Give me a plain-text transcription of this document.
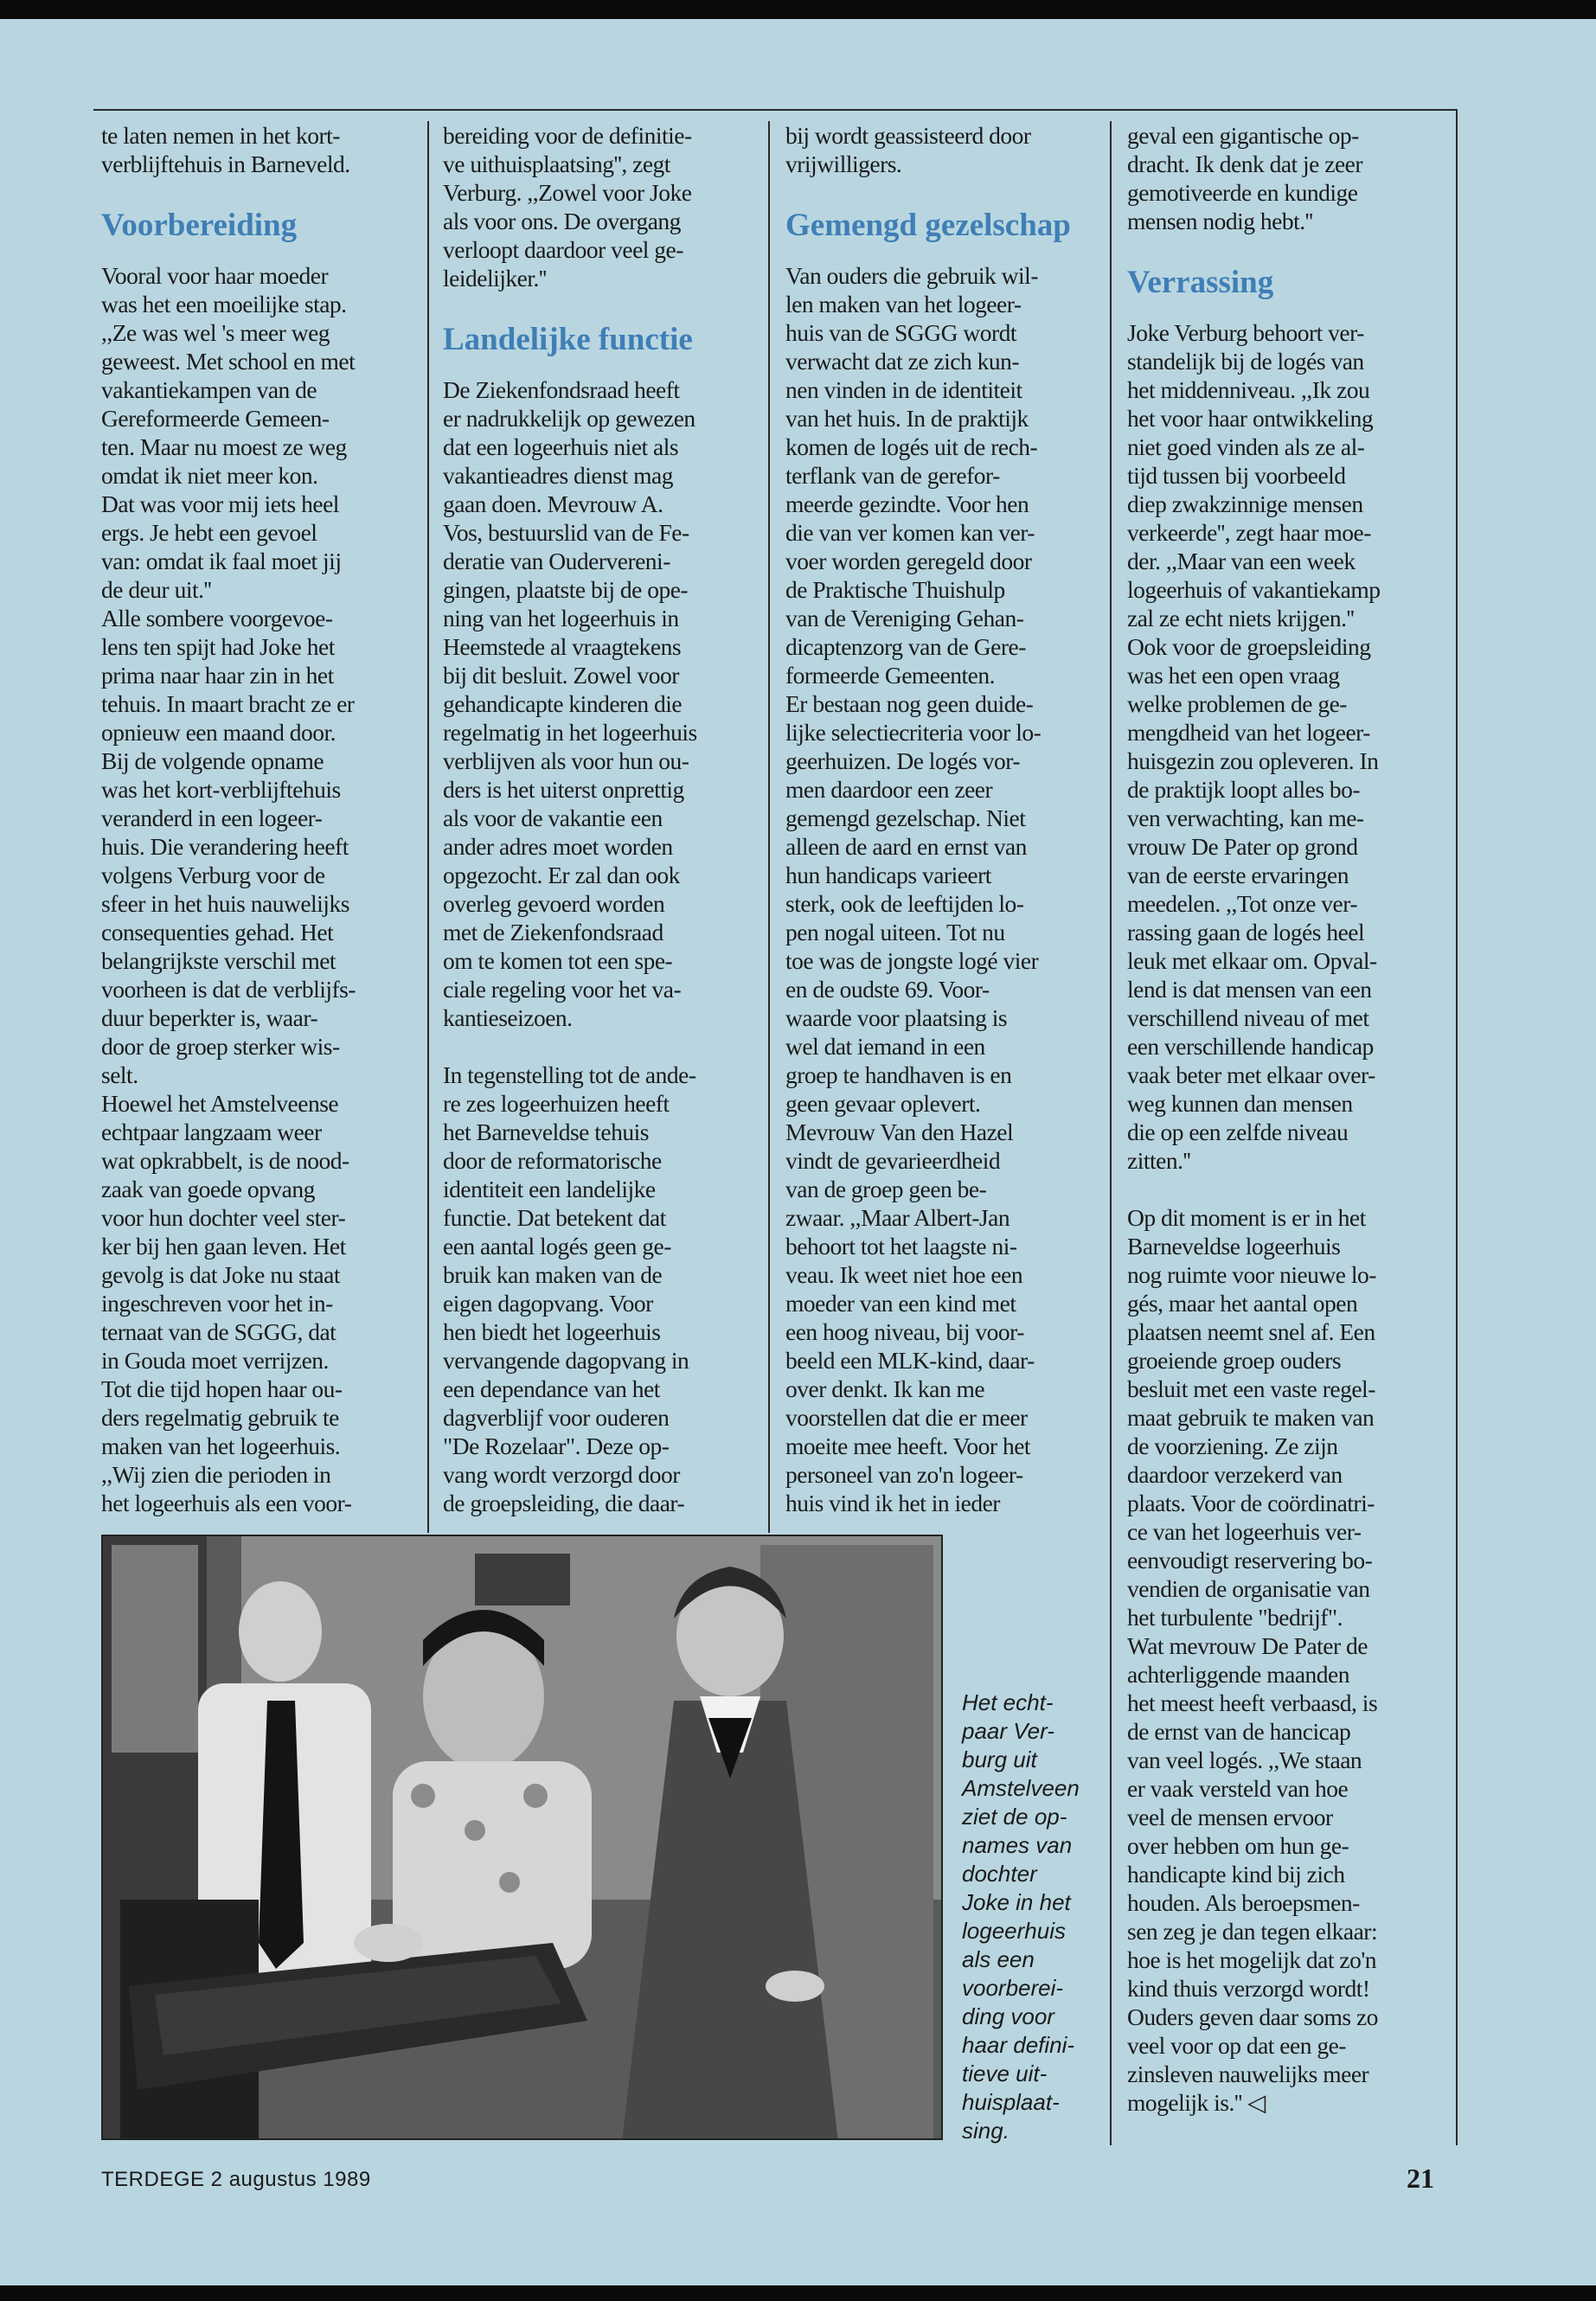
te laten nemen in het kort-
verblijftehuis in Barneveld.

Voorbereiding

Vooral voor haar moeder
was het een moeilijke stap.
,,Ze was wel 's meer weg
geweest. Met school en met
vakantiekampen van de
Gereformeerde Gemeen-
ten. Maar nu moest ze weg
omdat ik niet meer kon.
Dat was voor mij iets heel
ergs. Je hebt een gevoel
van: omdat ik faal moet jij
de deur uit.''
Alle sombere voorgevoe-
lens ten spijt had Joke het
prima naar haar zin in het
tehuis. In maart bracht ze er
opnieuw een maand door.
Bij de volgende opname
was het kort-verblijftehuis
veranderd in een logeer-
huis. Die verandering heeft
volgens Verburg voor de
sfeer in het huis nauwelijks
consequenties gehad. Het
belangrijkste verschil met
voorheen is dat de verblijfs-
duur beperkter is, waar-
door de groep sterker wis-
selt.
Hoewel het Amstelveense
echtpaar langzaam weer
wat opkrabbelt, is de nood-
zaak van goede opvang
voor hun dochter veel ster-
ker bij hen gaan leven. Het
gevolg is dat Joke nu staat
ingeschreven voor het in-
ternaat van de SGGG, dat
in Gouda moet verrijzen.
Tot die tijd hopen haar ou-
ders regelmatig gebruik te
maken van het logeerhuis.
,,Wij zien die perioden in
het logeerhuis als een voor-

bereiding voor de definitie-
ve uithuisplaatsing'', zegt
Verburg. ,,Zowel voor Joke
als voor ons. De overgang
verloopt daardoor veel ge-
leidelijker.''

Landelijke functie

De Ziekenfondsraad heeft
er nadrukkelijk op gewezen
dat een logeerhuis niet als
vakantieadres dienst mag
gaan doen. Mevrouw A.
Vos, bestuurslid van de Fe-
deratie van Oudervereni-
gingen, plaatste bij de ope-
ning van het logeerhuis in
Heemstede al vraagtekens
bij dit besluit. Zowel voor
gehandicapte kinderen die
regelmatig in het logeerhuis
verblijven als voor hun ou-
ders is het uiterst onprettig
als voor de vakantie een
ander adres moet worden
opgezocht. Er zal dan ook
overleg gevoerd worden
met de Ziekenfondsraad
om te komen tot een spe-
ciale regeling voor het va-
kantieseizoen.

In tegenstelling tot de ande-
re zes logeerhuizen heeft
het Barneveldse tehuis
door de reformatorische
identiteit een landelijke
functie. Dat betekent dat
een aantal logés geen ge-
bruik kan maken van de
eigen dagopvang. Voor
hen biedt het logeerhuis
vervangende dagopvang in
een dependance van het
dagverblijf voor ouderen
"De Rozelaar". Deze op-
vang wordt verzorgd door
de groepsleiding, die daar-

bij wordt geassisteerd door
vrijwilligers.

Gemengd gezelschap

Van ouders die gebruik wil-
len maken van het logeer-
huis van de SGGG wordt
verwacht dat ze zich kun-
nen vinden in de identiteit
van het huis. In de praktijk
komen de logés uit de rech-
terflank van de gerefor-
meerde gezindte. Voor hen
die van ver komen kan ver-
voer worden geregeld door
de Praktische Thuishulp
van de Vereniging Gehan-
dicaptenzorg van de Gere-
formeerde Gemeenten.
Er bestaan nog geen duide-
lijke selectiecriteria voor lo-
geerhuizen. De logés vor-
men daardoor een zeer
gemengd gezelschap. Niet
alleen de aard en ernst van
hun handicaps varieert
sterk, ook de leeftijden lo-
pen nogal uiteen. Tot nu
toe was de jongste logé vier
en de oudste 69. Voor-
waarde voor plaatsing is
wel dat iemand in een
groep te handhaven is en
geen gevaar oplevert.
Mevrouw Van den Hazel
vindt de gevarieerdheid
van de groep geen be-
zwaar. ,,Maar Albert-Jan
behoort tot het laagste ni-
veau. Ik weet niet hoe een
moeder van een kind met
een hoog niveau, bij voor-
beeld een MLK-kind, daar-
over denkt. Ik kan me
voorstellen dat die er meer
moeite mee heeft. Voor het
personeel van zo'n logeer-
huis vind ik het in ieder

geval een gigantische op-
dracht. Ik denk dat je zeer
gemotiveerde en kundige
mensen nodig hebt.''

Verrassing

Joke Verburg behoort ver-
standelijk bij de logés van
het middenniveau. ,,Ik zou
het voor haar ontwikkeling
niet goed vinden als ze al-
tijd tussen bij voorbeeld
diep zwakzinnige mensen
verkeerde'', zegt haar moe-
der. ,,Maar van een week
logeerhuis of vakantiekamp
zal ze echt niets krijgen.''
Ook voor de groepsleiding
was het een open vraag
welke problemen de ge-
mengdheid van het logeer-
huisgezin zou opleveren. In
de praktijk loopt alles bo-
ven verwachting, kan me-
vrouw De Pater op grond
van de eerste ervaringen
meedelen. ,,Tot onze ver-
rassing gaan de logés heel
leuk met elkaar om. Opval-
lend is dat mensen van een
verschillend niveau of met
een verschillende handicap
vaak beter met elkaar over-
weg kunnen dan mensen
die op een zelfde niveau
zitten.''

Op dit moment is er in het
Barneveldse logeerhuis
nog ruimte voor nieuwe lo-
gés, maar het aantal open
plaatsen neemt snel af. Een
groeiende groep ouders
besluit met een vaste regel-
maat gebruik te maken van
de voorziening. Ze zijn
daardoor verzekerd van
plaats. Voor de coördinatri-
ce van het logeerhuis ver-
eenvoudigt reservering bo-
vendien de organisatie van
het turbulente "bedrijf".
Wat mevrouw De Pater de
achterliggende maanden
het meest heeft verbaasd, is
de ernst van de hancicap
van veel logés. ,,We staan
er vaak versteld van hoe
veel de mensen ervoor
over hebben om hun ge-
handicapte kind bij zich
houden. Als beroepsmen-
sen zeg je dan tegen elkaar:
hoe is het mogelijk dat zo'n
kind thuis verzorgd wordt!
Ouders geven daar soms zo
veel voor op dat een ge-
zinsleven nauwelijks meer
mogelijk is.'' ◁

Het echt-
paar Ver-
burg uit
Amstelveen
ziet de op-
names van
dochter
Joke in het
logeerhuis
als een
voorberei-
ding voor
haar defini-
tieve uit-
huisplaat-
sing.
TERDEGE 2 augustus 1989	21
